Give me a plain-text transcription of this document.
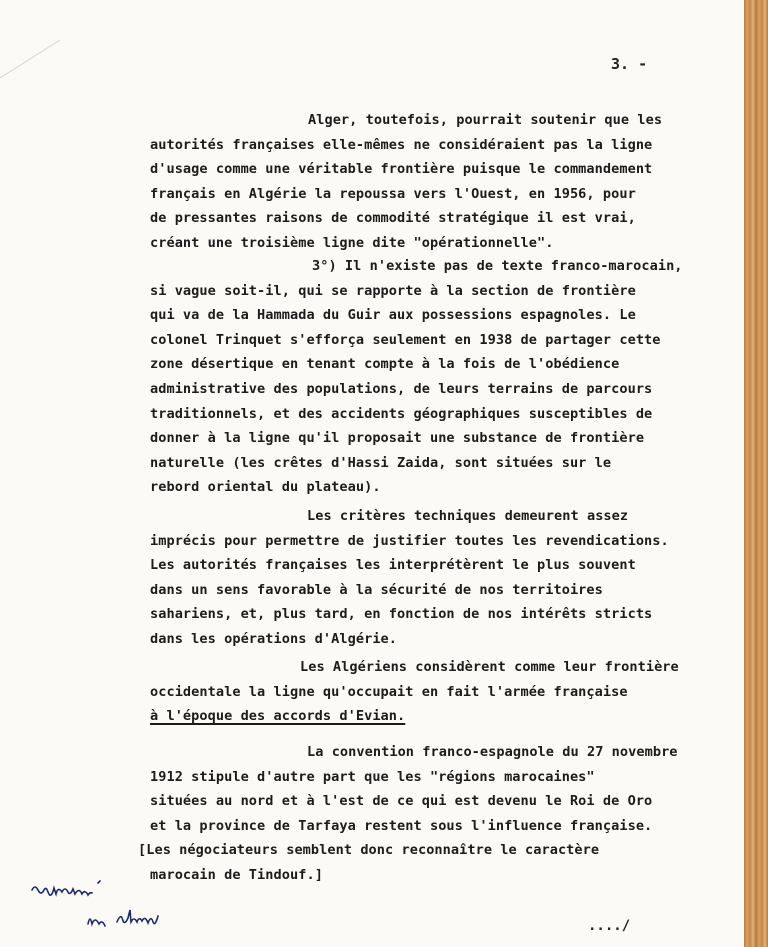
3. -
Alger, toutefois, pourrait soutenir que les
autorités françaises elle-mêmes ne considéraient pas la ligne
d'usage comme une véritable frontière puisque le commandement
français en Algérie la repoussa vers l'Ouest, en 1956, pour
de pressantes raisons de commodité stratégique il est vrai,
créant une troisième ligne dite "opérationnelle".
3°) Il n'existe pas de texte franco-marocain,
si vague soit-il, qui se rapporte à la section de frontière
qui va de la Hammada du Guir aux possessions espagnoles. Le
colonel Trinquet s'efforça seulement en 1938 de partager cette
zone désertique en tenant compte à la fois de l'obédience
administrative des populations, de leurs terrains de parcours
traditionnels, et des accidents géographiques susceptibles de
donner à la ligne qu'il proposait une substance de frontière
naturelle (les crêtes d'Hassi Zaida, sont situées sur le
rebord oriental du plateau).
Les critères techniques demeurent assez
imprécis pour permettre de justifier toutes les revendications.
Les autorités françaises les interprétèrent le plus souvent
dans un sens favorable à la sécurité de nos territoires
sahariens, et, plus tard, en fonction de nos intérêts stricts
dans les opérations d'Algérie.
Les Algériens considèrent comme leur frontière
occidentale la ligne qu'occupait en fait l'armée française
à l'époque des accords d'Evian.
La convention franco-espagnole du 27 novembre
1912 stipule d'autre part que les "régions marocaines"
situées au nord et à l'est de ce qui est devenu le Roi de Oro
et la province de Tarfaya restent sous l'influence française.
[Les négociateurs semblent donc reconnaître le caractère
marocain de Tindouf.]
..../
